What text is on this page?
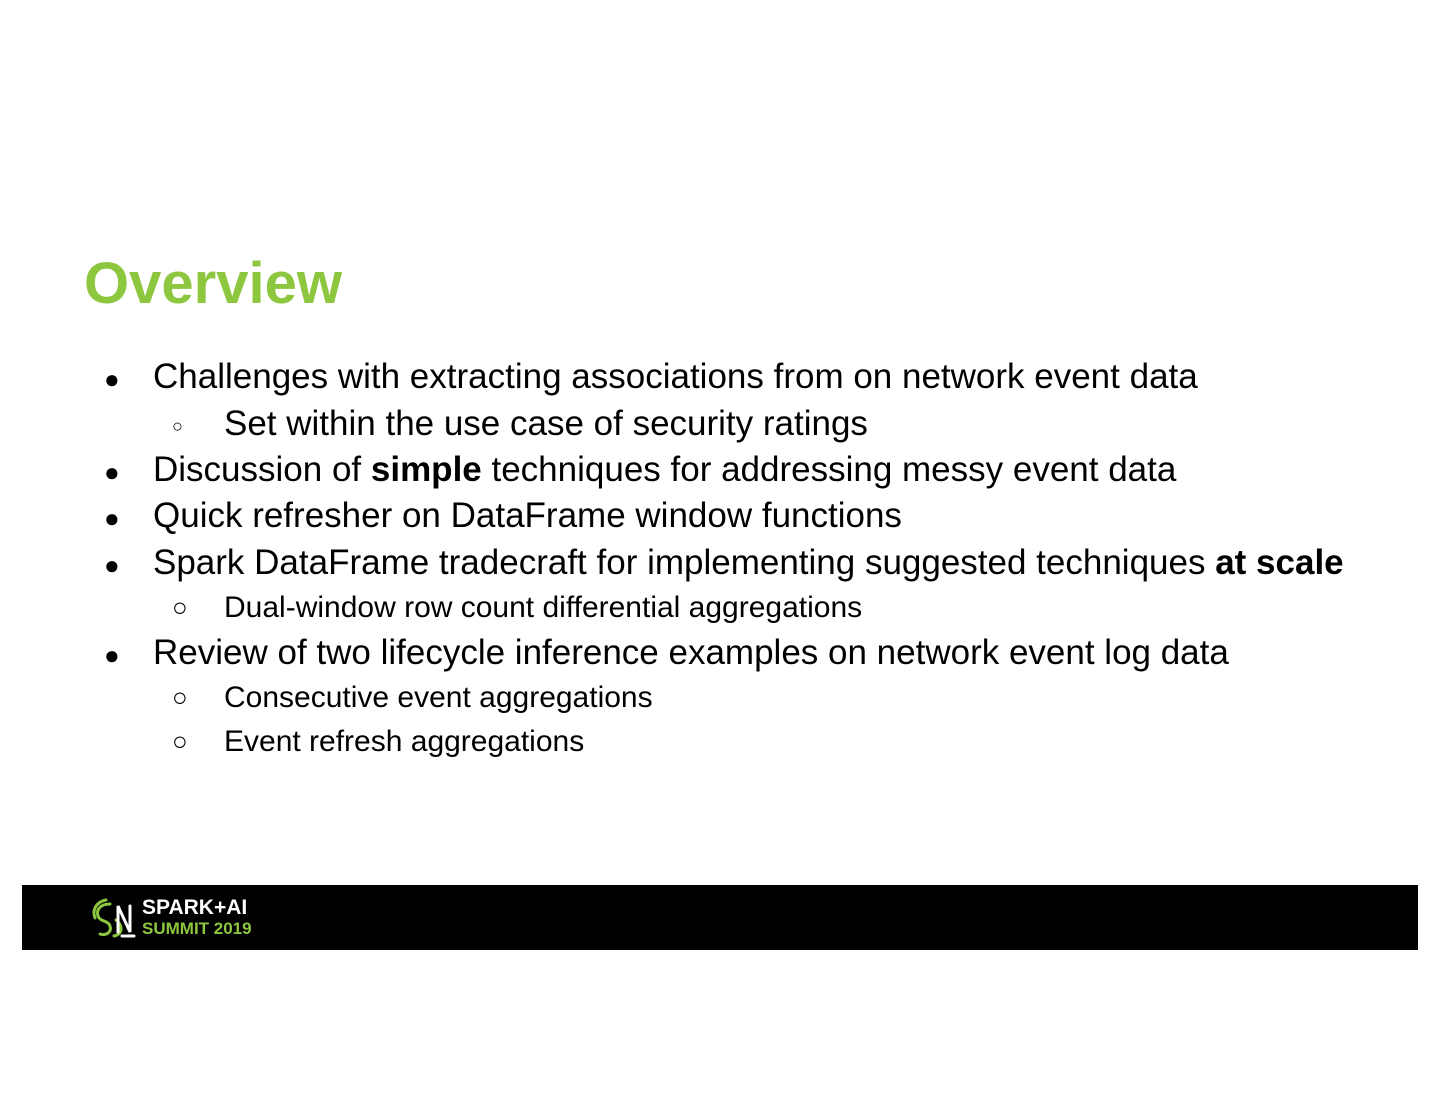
Overview
● Challenges with extracting associations from on network event data
○ Set within the use case of security ratings
● Discussion of simple techniques for addressing messy event data
● Quick refresher on DataFrame window functions
● Spark DataFrame tradecraft for implementing suggested techniques at scale
○ Dual-window row count differential aggregations
● Review of two lifecycle inference examples on network event log data
○ Consecutive event aggregations
○ Event refresh aggregations
SPARK+AI
SUMMIT 2019
